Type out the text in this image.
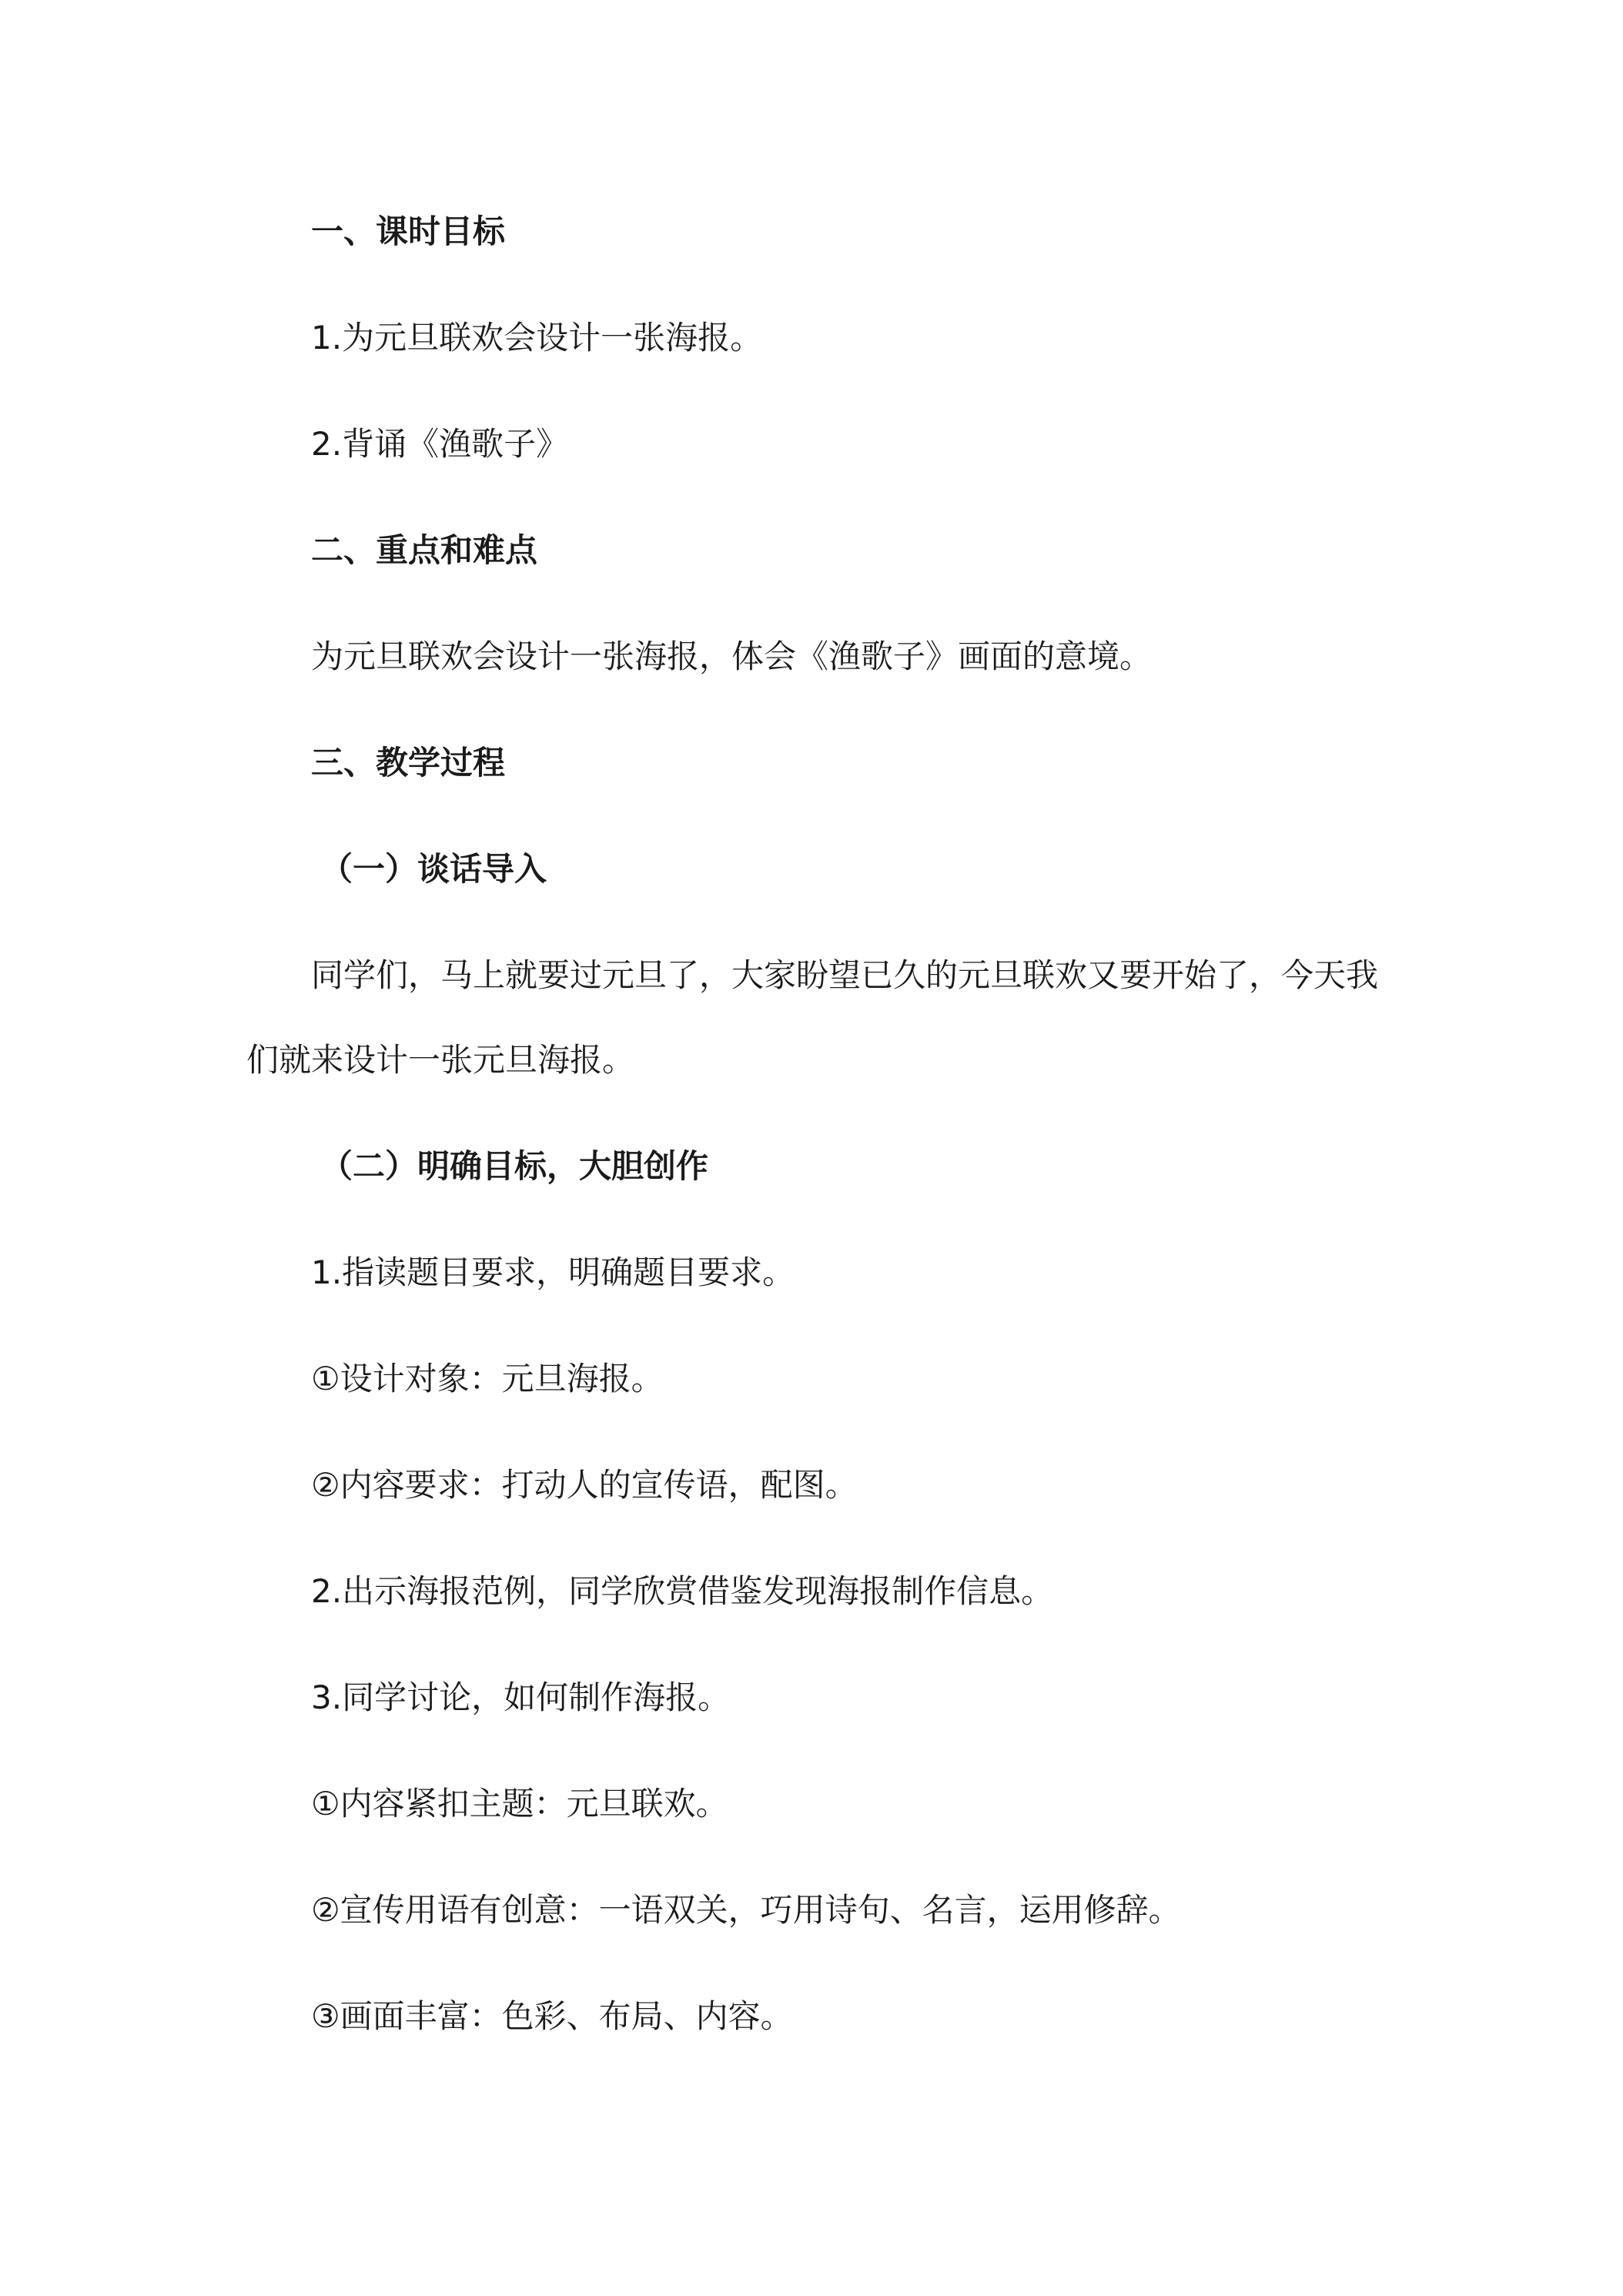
一、课时目标

1.为元旦联欢会设计一张海报。

2.背诵《渔歌子》

二、重点和难点

为元旦联欢会设计一张海报，体会《渔歌子》画面的意境。

三、教学过程

（一）谈话导入

同学们，马上就要过元旦了，大家盼望已久的元旦联欢又要开始了，今天我

们就来设计一张元旦海报。

（二）明确目标，大胆创作

1.指读题目要求，明确题目要求。

①设计对象：元旦海报。

②内容要求：打动人的宣传语，配图。

2.出示海报范例，同学欣赏借鉴发现海报制作信息。

3.同学讨论，如何制作海报。

①内容紧扣主题：元旦联欢。

②宣传用语有创意：一语双关，巧用诗句、名言，运用修辞。

③画面丰富：色彩、布局、内容。
